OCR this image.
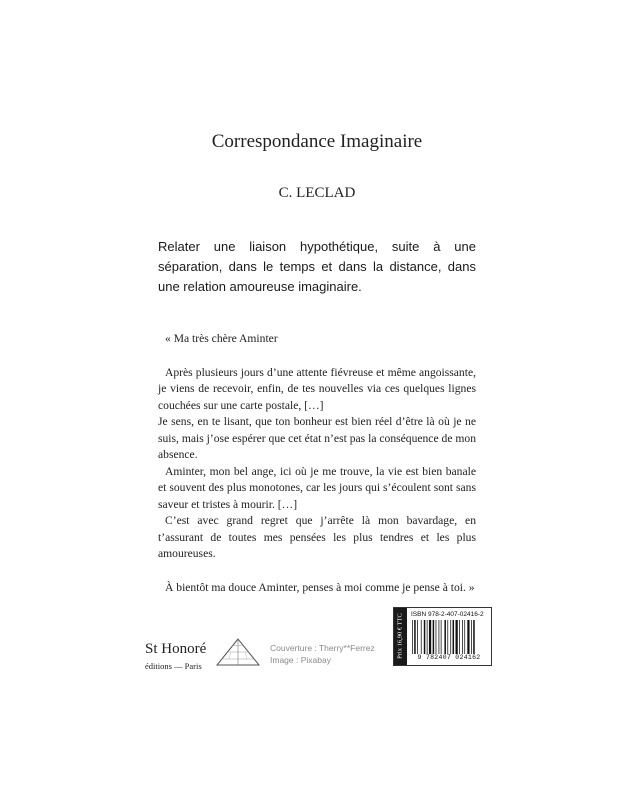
Correspondance Imaginaire
C. LECLAD
Relater une liaison hypothétique, suite à une séparation, dans le temps et dans la distance, dans une relation amoureuse imaginaire.

« Ma très chère Aminter

Après plusieurs jours d’une attente fiévreuse et même angoissante, je viens de recevoir, enfin, de tes nouvelles via ces quelques lignes couchées sur une carte postale, […]

Je sens, en te lisant, que ton bonheur est bien réel d’être là où je ne suis, mais j’ose espérer que cet état n’est pas la conséquence de mon absence.

Aminter, mon bel ange, ici où je me trouve, la vie est bien banale et souvent des plus monotones, car les jours qui s’écoulent sont sans saveur et tristes à mourir. […]

C’est avec grand regret que j’arrête là mon bavardage, en t’assurant de toutes mes pensées les plus tendres et les plus amoureuses.

À bientôt ma douce Aminter, penses à moi comme je pense à toi. »

St Honoré
éditions — Paris
Couverture : Therry**Ferrez
Image : Pixabay
Prix 16,90 € TTC ISBN 978-2-407-02416-2
9 782407 024162
